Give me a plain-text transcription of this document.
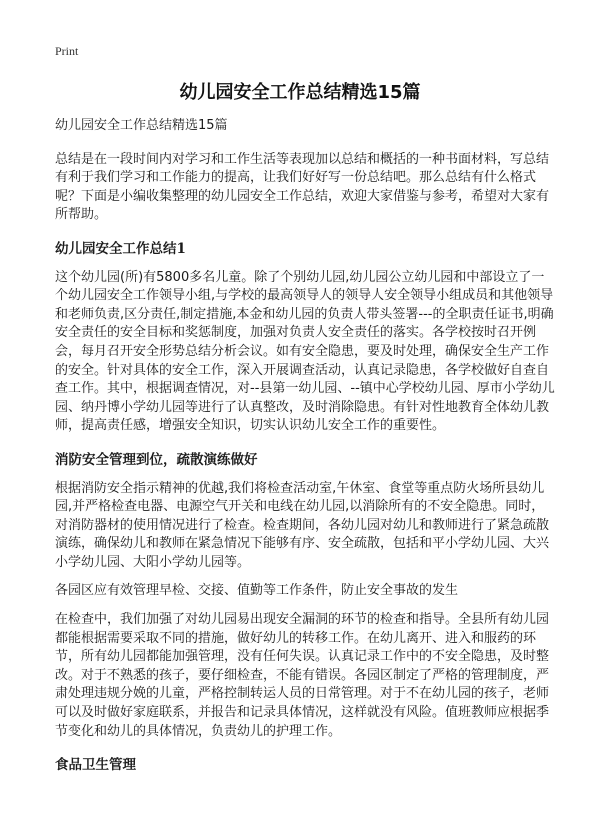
Print
幼儿园安全工作总结精选15篇

幼儿园安全工作总结精选15篇

总结是在一段时间内对学习和工作生活等表现加以总结和概括的一种书面材料，写总结有利于我们学习和工作能力的提高，让我们好好写一份总结吧。那么总结有什么格式呢？下面是小编收集整理的幼儿园安全工作总结，欢迎大家借鉴与参考，希望对大家有所帮助。

幼儿园安全工作总结1

这个幼儿园(所)有5800多名儿童。除了个别幼儿园,幼儿园公立幼儿园和中部设立了一个幼儿园安全工作领导小组,与学校的最高领导人的领导人安全领导小组成员和其他领导和老师负责,区分责任,制定措施,本金和幼儿园的负责人带头签署---的全职责任证书,明确安全责任的安全目标和奖惩制度，加强对负责人安全责任的落实。各学校按时召开例会，每月召开安全形势总结分析会议。如有安全隐患，要及时处理，确保安全生产工作的安全。针对具体的安全工作，深入开展调查活动，认真记录隐患，各学校做好自查自查工作。其中，根据调查情况，对--县第一幼儿园、--镇中心学校幼儿园、厚市小学幼儿园、纳丹博小学幼儿园等进行了认真整改，及时消除隐患。有针对性地教育全体幼儿教师，提高责任感，增强安全知识，切实认识幼儿安全工作的重要性。

消防安全管理到位，疏散演练做好

根据消防安全指示精神的优越,我们将检查活动室,午休室、食堂等重点防火场所县幼儿园,并严格检查电器、电源空气开关和电线在幼儿园,以消除所有的不安全隐患。同时，对消防器材的使用情况进行了检查。检查期间，各幼儿园对幼儿和教师进行了紧急疏散演练，确保幼儿和教师在紧急情况下能够有序、安全疏散，包括和平小学幼儿园、大兴小学幼儿园、大阳小学幼儿园等。

各园区应有效管理早检、交接、值勤等工作条件，防止安全事故的发生

在检查中，我们加强了对幼儿园易出现安全漏洞的环节的检查和指导。全县所有幼儿园都能根据需要采取不同的措施，做好幼儿的转移工作。在幼儿离开、进入和服药的环节，所有幼儿园都能加强管理，没有任何失误。认真记录工作中的不安全隐患，及时整改。对于不熟悉的孩子，要仔细检查，不能有错误。各园区制定了严格的管理制度，严肃处理违规分娩的儿童，严格控制转运人员的日常管理。对于不在幼儿园的孩子，老师可以及时做好家庭联系，并报告和记录具体情况，这样就没有风险。值班教师应根据季节变化和幼儿的具体情况，负责幼儿的护理工作。

食品卫生管理
